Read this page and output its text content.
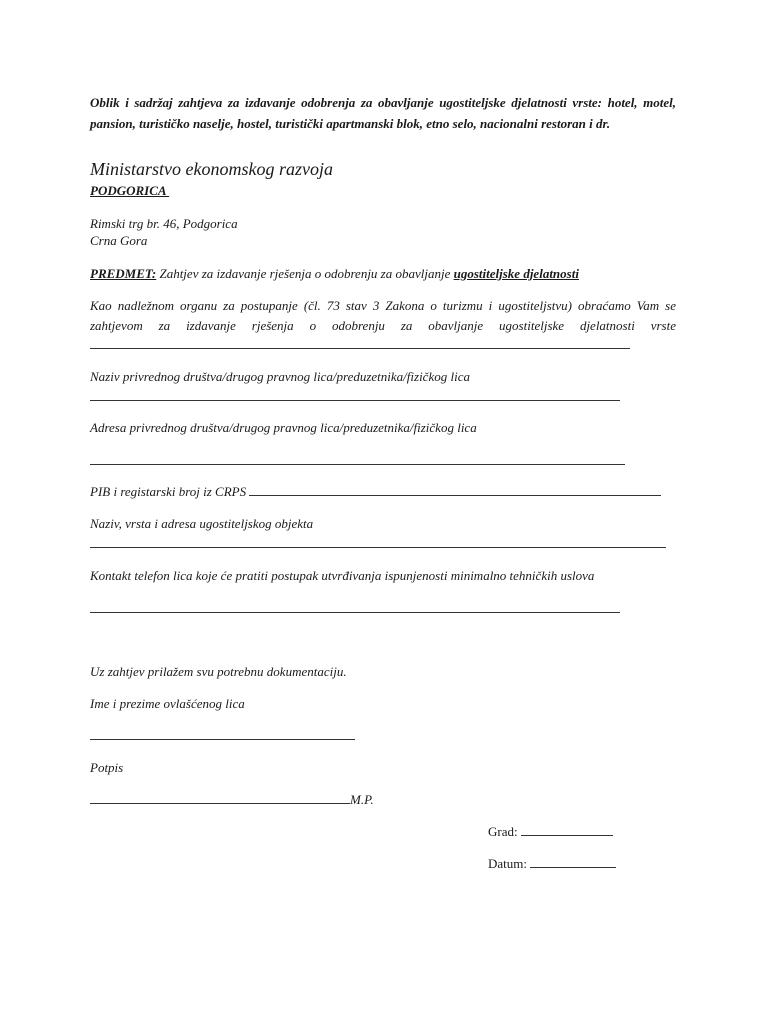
Oblik i sadržaj zahtjeva za izdavanje odobrenja za obavljanje ugostiteljske djelatnosti vrste: hotel, motel, pansion, turističko naselje, hostel, turistički apartmanski blok, etno selo, nacionalni restoran i dr.
Ministarstvo ekonomskog razvoja
PODGORICA
Rimski trg br. 46, Podgorica
Crna Gora
PREDMET: Zahtjev za izdavanje rješenja o odobrenju za obavljanje ugostiteljske djelatnosti
Kao nadležnom organu za postupanje (čl. 73 stav 3 Zakona o turizmu i ugostiteljstvu) obraćamo Vam se zahtjevom za izdavanje rješenja o odobrenju za obavljanje ugostiteljske djelatnosti vrste
Naziv privrednog društva/drugog pravnog lica/preduzetnika/fizičkog lica
Adresa privrednog društva/drugog pravnog lica/preduzetnika/fizičkog lica
PIB i registarski broj iz CRPS
Naziv, vrsta i adresa ugostiteljskog objekta
Kontakt telefon lica koje će pratiti postupak utvrđivanja ispunjenosti minimalno tehničkih uslova
Uz zahtjev prilažem svu potrebnu dokumentaciju.
Ime i prezime ovlašćenog lica
Potpis
M.P.
Grad:
Datum:
